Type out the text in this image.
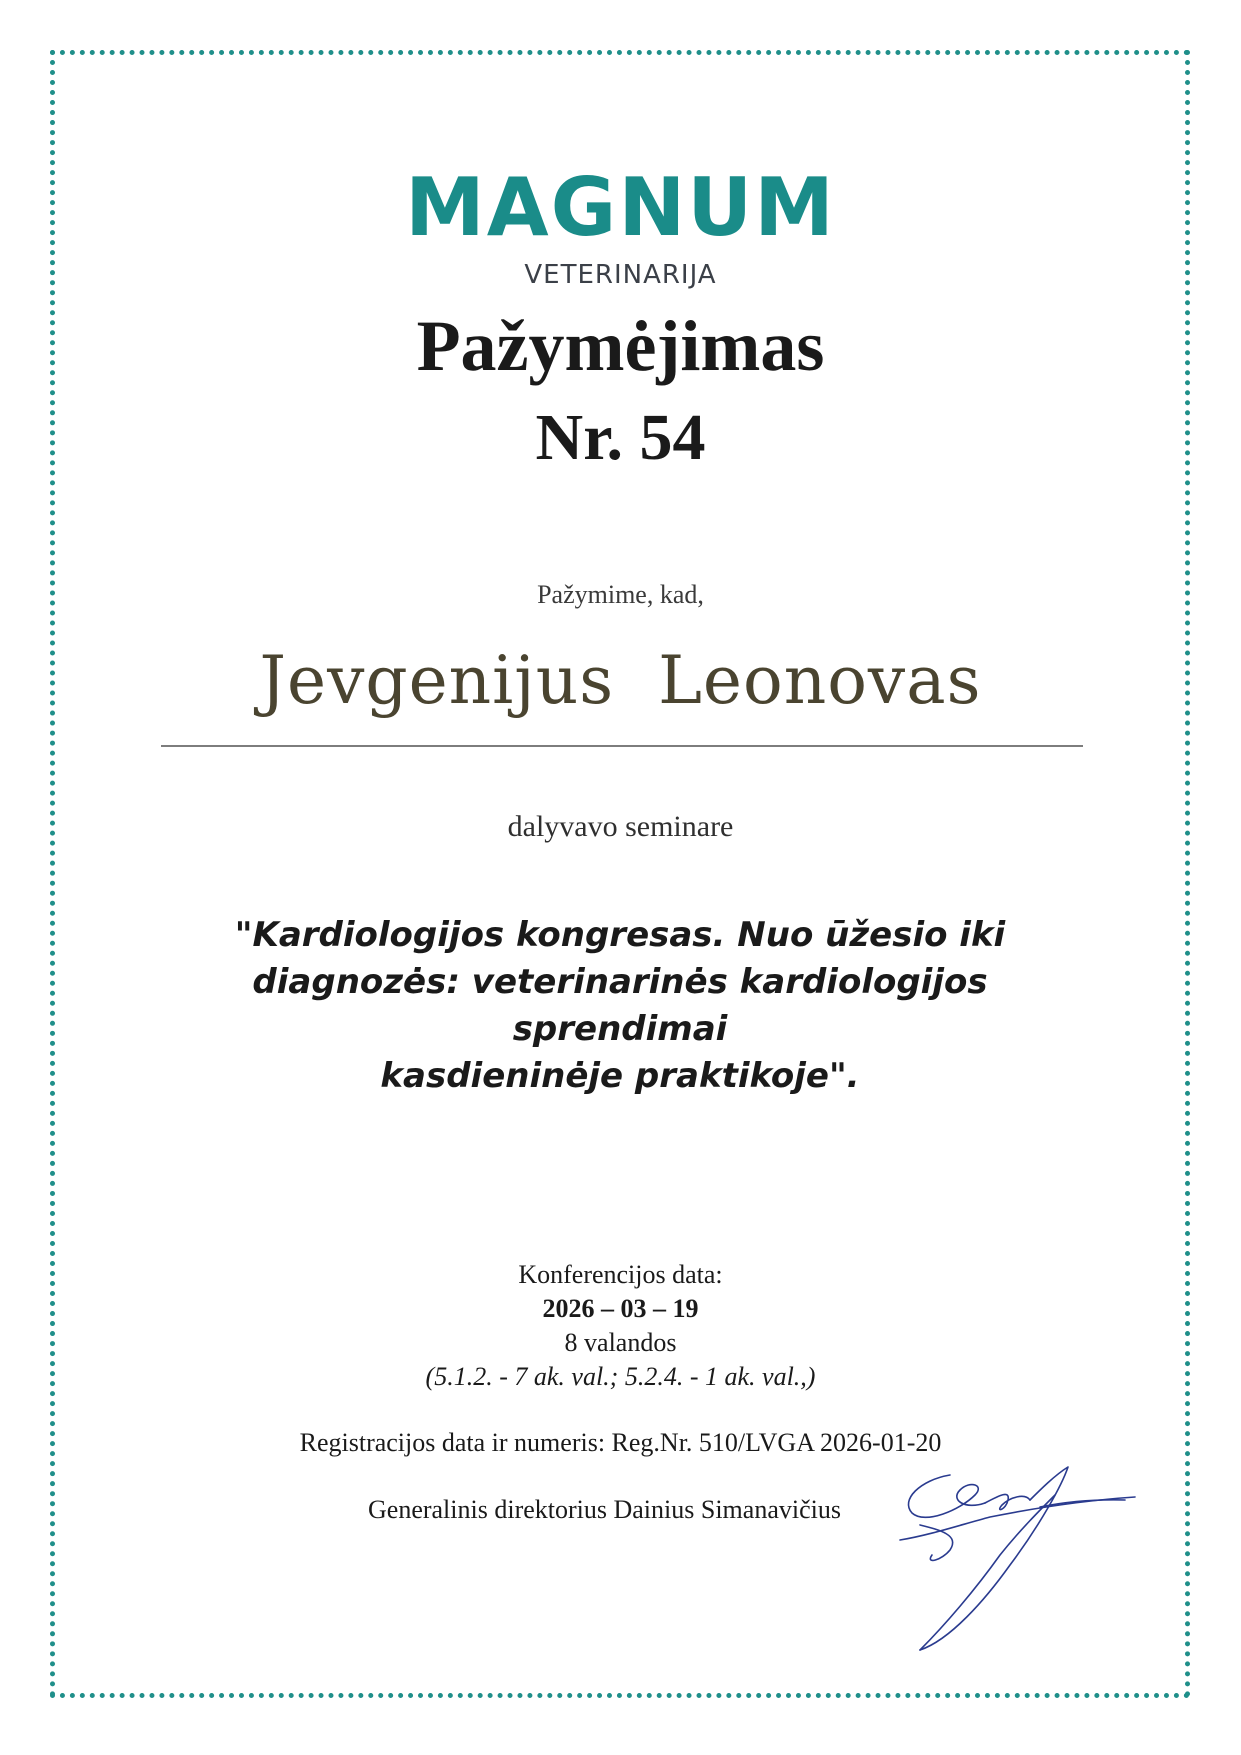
MAGNUM
VETERINARIJA
Pažymėjimas
Nr. 54
Pažymime, kad,
Jevgenijus  Leonovas
dalyvavo seminare
"Kardiologijos kongresas. Nuo ūžesio iki
diagnozės: veterinarinės kardiologijos sprendimai
kasdieninėje praktikoje".
Konferencijos data:
2026 – 03 – 19
8 valandos
(5.1.2. - 7 ak. val.; 5.2.4. - 1 ak. val.,)
Registracijos data ir numeris: Reg.Nr. 510/LVGA 2026-01-20
Generalinis direktorius Dainius Simanavičius
